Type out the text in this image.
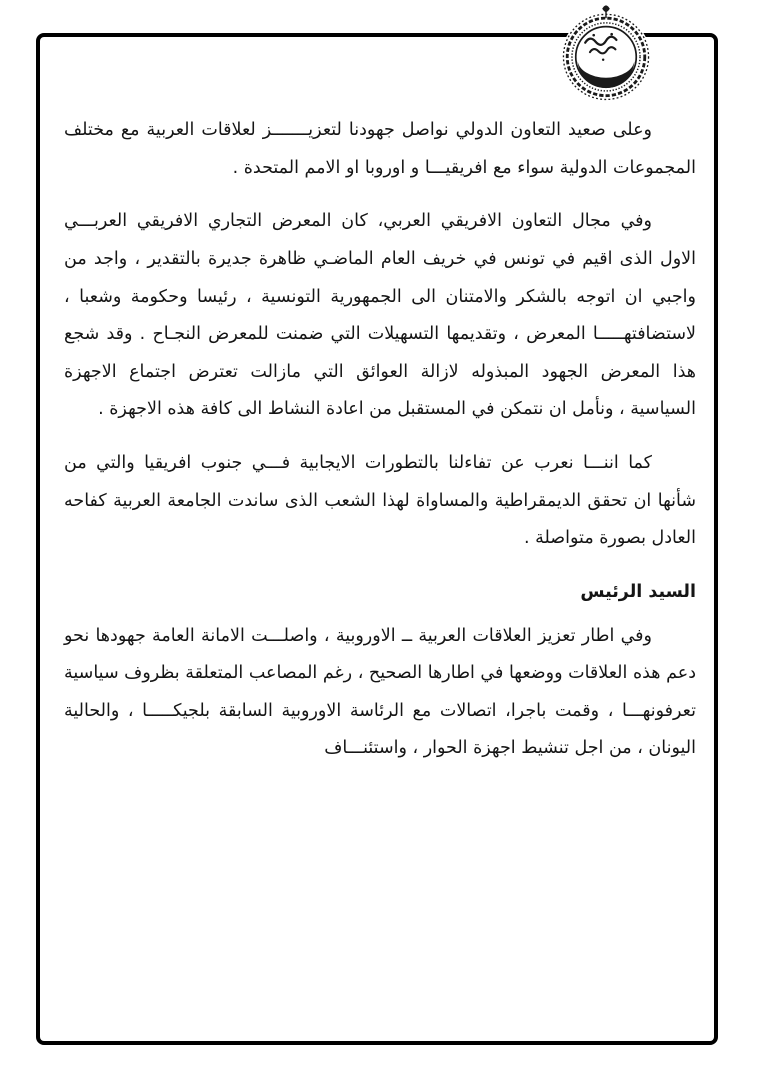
وعلى صعيد التعاون الدولي نواصل جهودنا لتعزيـــــــز لعلاقات العربية مع مختلف المجموعات الدولية سواء مع افريقيـــا و اوروبا او الامم المتحدة .

وفي مجال التعاون الافريقي العربي، كان المعرض التجاري الافريقي العربـــي الاول الذى اقيم في تونس في خريف العام الماضـي ظاهرة جديرة بالتقدير ، واجد من واجبي ان اتوجه بالشكر والامتنان الى الجمهورية التونسية ، رئيسا وحكومة وشعبا ، لاستضافتهـــــا المعرض ، وتقديمها التسهيلات التي ضمنت للمعرض النجـاح . وقد شجع هذا المعرض الجهود المبذوله لازالة العوائق التي مازالت تعترض اجتماع الاجهزة السياسية ، ونأمل ان نتمكن في المستقبل من اعادة النشاط الى كافة هذه الاجهزة .

كما اننـــا نعرب عن تفاءلنا بالتطورات الايجابية فـــي جنوب افريقيا والتي من شأنها ان تحقق الديمقراطية والمساواة لهذا الشعب الذى ساندت الجامعة العربية كفاحه العادل بصورة متواصلة .

السيد الرئيس

وفي اطار تعزيز العلاقات العربية ــ الاوروبية ، واصلـــت الامانة العامة جهودها نحو دعم هذه العلاقات ووضعها في اطارها الصحيح ، رغم المصاعب المتعلقة بظروف سياسية تعرفونهـــا ، وقمت باجرا، اتصالات مع الرئاسة الاوروبية السابقة بلجيكـــــا ، والحالية اليونان ، من اجل تنشيط اجهزة الحوار ، واستئنـــاف
